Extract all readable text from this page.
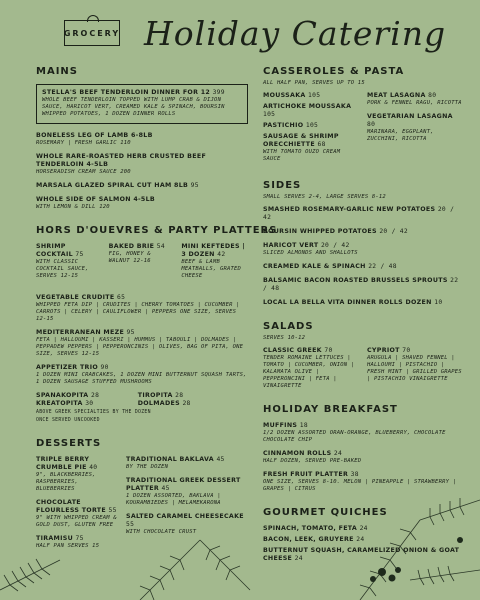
GROCERY Holiday Catering
MAINS
STELLA'S BEEF TENDERLOIN DINNER FOR 12 399
WHOLE BEEF TENDERLOIN TOPPED WITH LUMP CRAB & DIJON SAUCE, HARICOT VERT, CREAMED KALE & SPINACH, BOURSIN WHIPPED POTATOES, 1 DOZEN DINNER ROLLS
BONELESS LEG OF LAMB 6-8LB
ROSEMARY | FRESH GARLIC 110
WHOLE RARE-ROASTED HERB CRUSTED BEEF TENDERLOIN 4-5LB
HORSERADISH CREAM SAUCE 200
MARSALA GLAZED SPIRAL CUT HAM 8LB 95
WHOLE SIDE OF SALMON 4-5LB
WITH LEMON & DILL 120
HORS D'OUEVRES & PARTY PLATTERS
SHRIMP COCKTAIL 75
WITH CLASSIC COCKTAIL SAUCE, SERVES 12-15
BAKED BRIE 54
FIG, HONEY & WALNUT 12-16
MINI KEFTEDES | 3 DOZEN 42
BEEF & LAMB MEATBALLS, GRATED CHEESE
VEGETABLE CRUDITE 65
WHIPPED FETA DIP | CRUDITES | CHERRY TOMATOES | CUCUMBER | CARROTS | CELERY | CAULIFLOWER | PEPPERS ONE SIZE, SERVES 12-15
MEDITERRANEAN MEZE 95
FETA | HALLOUMI | KASSERI | HUMMUS | TABOULI | DOLMADES | PEPPADEW PEPPERS | PEPPERONCINIS | OLIVES, BAG OF PITA, ONE SIZE, SERVES 12-15
APPETIZER TRIO 90
1 DOZEN MINI CRABCAKES, 1 DOZEN MINI BUTTERNUT SQUASH TARTS, 1 DOZEN SAUSAGE STUFFED MUSHROOMS
SPANAKOPITA 28	TIROPITA 28
KREATOPITA 30	DOLMADES 28
ABOVE GREEK SPECIALTIES BY THE DOZEN
ONCE SERVED UNCOOKED
DESSERTS
TRIPLE BERRY CRUMBLE PIE 40
9", BLACKBERRIES, RASPBERRIES, BLUEBERRIES
CHOCOLATE FLOURLESS TORTE 55
9" WITH WHIPPED CREAM & GOLD DUST, GLUTEN FREE
TIRAMISU 75
HALF PAN SERVES 15
TRADITIONAL BAKLAVA 45
BY THE DOZEN
TRADITIONAL GREEK DESSERT PLATTER 45
1 DOZEN ASSORTED, BAKLAVA | KOURAMBIEDES | MELAMEKARONA
SALTED CARAMEL CHEESECAKE 55
WITH CHOCOLATE CRUST
CASSEROLES & PASTA
ALL HALF PAN, SERVES UP TO 15
MOUSSAKA 105
ARTICHOKE MOUSSAKA 105
PASTICHIO 105
SAUSAGE & SHRIMP ORECCHIETTE 68
WITH TOMATO OUZO CREAM SAUCE
MEAT LASAGNA 80
PORK & FENNEL RAGU, RICOTTA
VEGETARIAN LASAGNA 80
MARINARA, EGGPLANT, ZUCCHINI, RICOTTA
SIDES
SMALL SERVES 2-4, LARGE SERVES 8-12
SMASHED ROSEMARY-GARLIC NEW POTATOES 20 / 42
BOURSIN WHIPPED POTATOES 20 / 42
HARICOT VERT 20 / 42
SLICED ALMONDS AND SHALLOTS
CREAMED KALE & SPINACH 22 / 48
BALSAMIC BACON ROASTED BRUSSELS SPROUTS 22 / 48
LOCAL LA BELLA VITA DINNER ROLLS DOZEN 10
SALADS
SERVES 10-12
CLASSIC GREEK 70
TENDER ROMAINE LETTUCES | TOMATO | CUCUMBER, ONION | KALAMATA OLIVE | PEPPERONCINI | FETA | VINAIGRETTE
CYPRIOT 70
ARUGULA | SHAVED FENNEL | HALLOUMI | PISTACHIO | FRESH MINT | GRILLED GRAPES | PISTACHIO VINAIGRETTE
HOLIDAY BREAKFAST
MUFFINS 18
1/2 DOZEN ASSORTED ORAN-ORANGE, BLUEBERRY, CHOCOLATE CHOCOLATE CHIP
CINNAMON ROLLS 24
HALF DOZEN, SERVED PRE-BAKED
FRESH FRUIT PLATTER 38
ONE SIZE, SERVES 8-10. MELON | PINEAPPLE | STRAWBERRY | GRAPES | CITRUS
GOURMET QUICHES
SPINACH, TOMATO, FETA 24
BACON, LEEK, GRUYERE 24
BUTTERNUT SQUASH, CARAMELIZED ONION & GOAT CHEESE 24
